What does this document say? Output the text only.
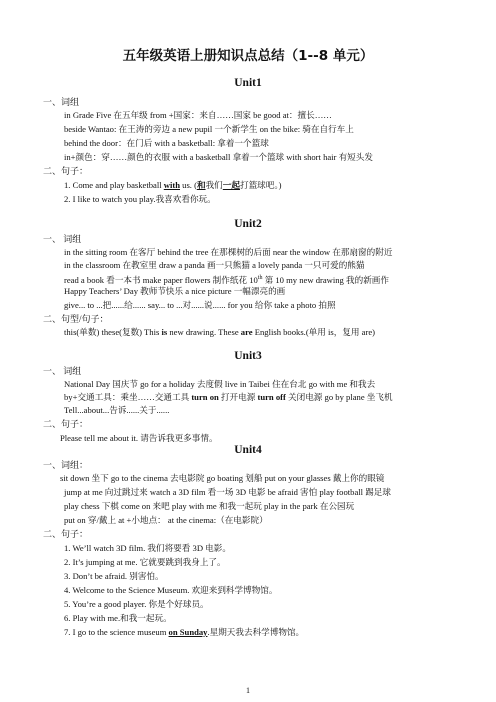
五年级英语上册知识点总结（1--8 单元）
Unit1
一、词组
in Grade Five 在五年级 from +国家：来自……国家 be good at：擅长……
beside Wantao: 在王涛的旁边 a new pupil 一个新学生 on the bike: 骑在自行车上
behind the door：在门后 with a basketball: 拿着一个篮球
in+颜色：穿……颜色的衣服 with a basketball 拿着一个篮球 with short hair 有短头发
二、句子：
1. Come and play basketball with us. (和我们一起打篮球吧。)
2. I like to watch you play.我喜欢看你玩。
Unit2
一、 词组
in the sitting room 在客厅 behind the tree 在那棵树的后面 near the window 在那扇窗的附近
in the classroom 在教室里 draw a panda 画一只熊猫 a lovely panda 一只可爱的熊猫
read a book 看一本书 make paper flowers 制作纸花 10th 第 10 my new drawing 我的新画作
Happy Teachers’ Day 教师节快乐 a nice picture 一幅漂亮的画
give... to ...把......给...... say... to ...对......说...... for you 给你 take a photo 拍照
二、句型/句子：
this(单数) these(复数) This is new drawing. These are English books.(单用 is，复用 are)
Unit3
一、 词组
National Day 国庆节 go for a holiday 去度假 live in Taibei 住在台北 go with me 和我去
by+交通工具：乘坐……交通工具 turn on 打开电源 turn off 关闭电源 go by plane 坐飞机
Tell...about...告诉......关于......
二、句子：
Please tell me about it. 请告诉我更多事情。
Unit4
一、词组：
sit down 坐下 go to the cinema 去电影院 go boating 划船 put on your glasses 戴上你的眼镜
jump at me 向过跳过来 watch a 3D film 看一场 3D 电影 be afraid 害怕 play football 踢足球
play chess 下棋 come on 来吧 play with me 和我一起玩 play in the park 在公园玩
put on 穿/戴上 at +小地点： at the cinema:（在电影院）
二、句子：
1. We’ll watch 3D film. 我们将要看 3D 电影。
2. It’s jumping at me. 它就要跳到我身上了。
3. Don’t be afraid. 别害怕。
4. Welcome to the Science Museum. 欢迎来到科学博物馆。
5. You’re a good player. 你是个好球员。
6. Play with me.和我一起玩。
7. I go to the science museum on Sunday.星期天我去科学博物馆。
1
